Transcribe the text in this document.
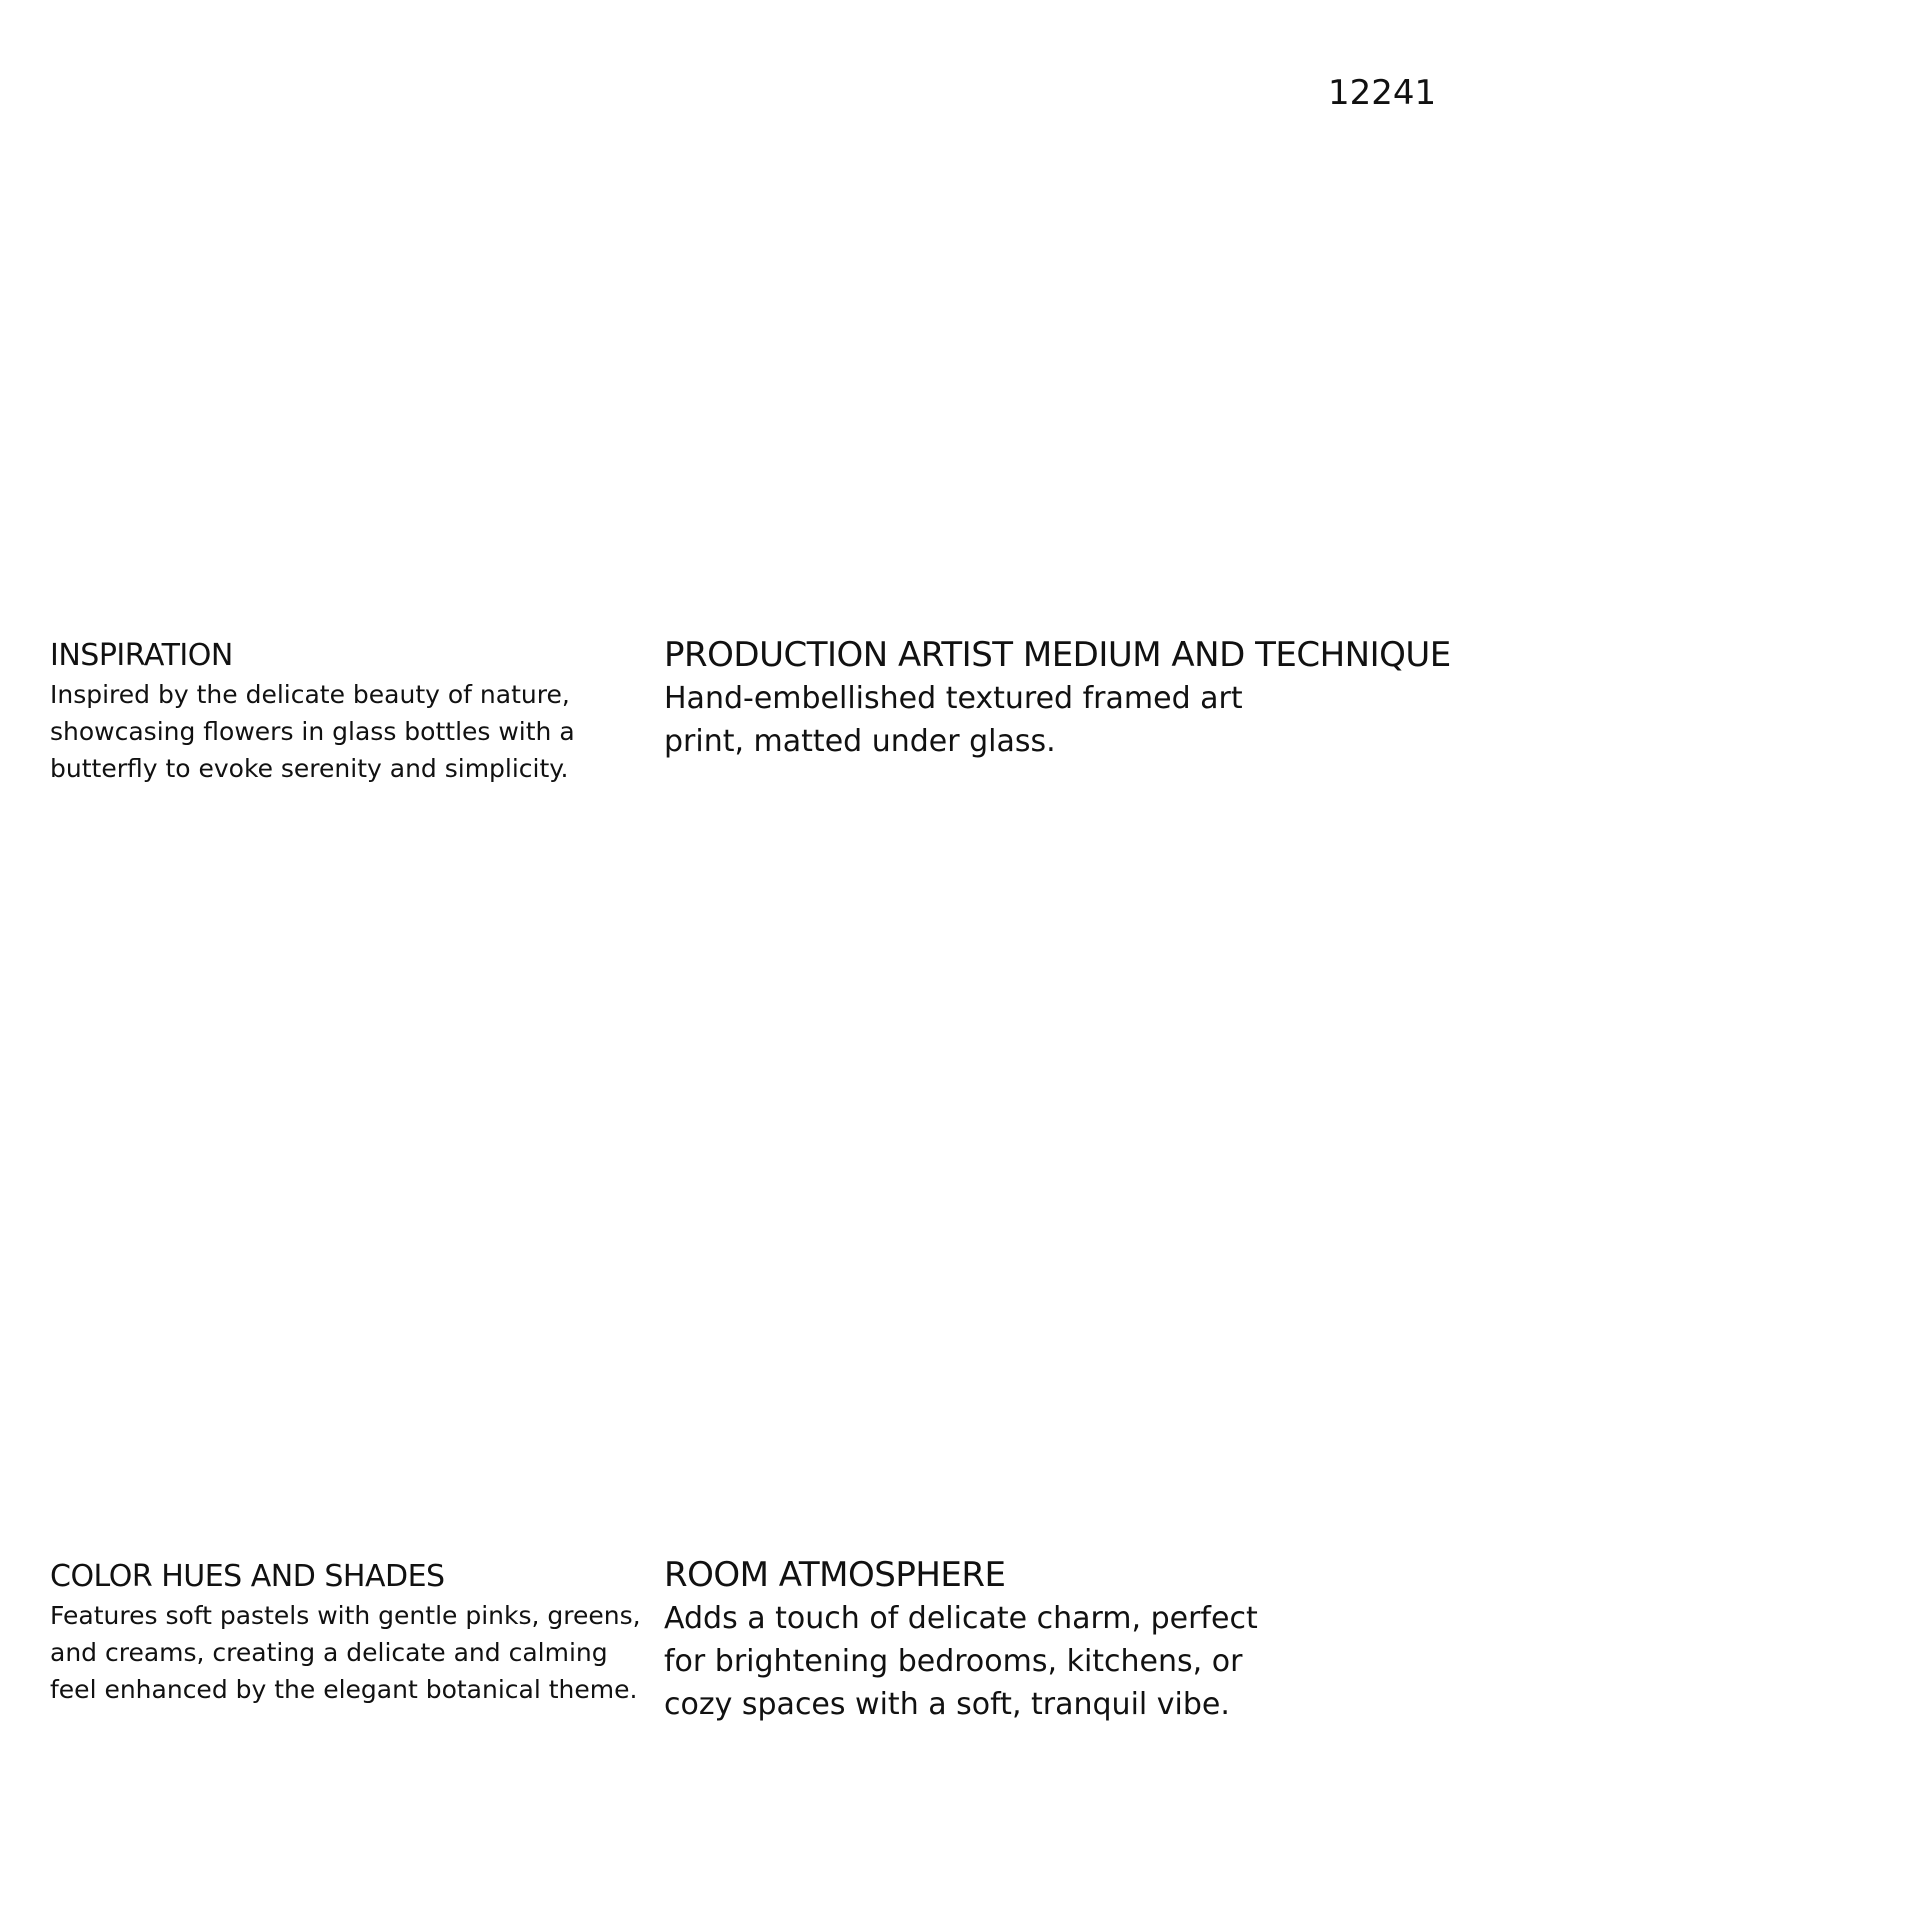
12241
INSPIRATION

Inspired by the delicate beauty of nature,
showcasing flowers in glass bottles with a
butterfly to evoke serenity and simplicity.

PRODUCTION ARTIST MEDIUM AND TECHNIQUE

Hand-embellished textured framed art
print, matted under glass.

COLOR HUES AND SHADES

Features soft pastels with gentle pinks, greens,
and creams, creating a delicate and calming
feel enhanced by the elegant botanical theme.

ROOM ATMOSPHERE

Adds a touch of delicate charm, perfect
for brightening bedrooms, kitchens, or
cozy spaces with a soft, tranquil vibe.
